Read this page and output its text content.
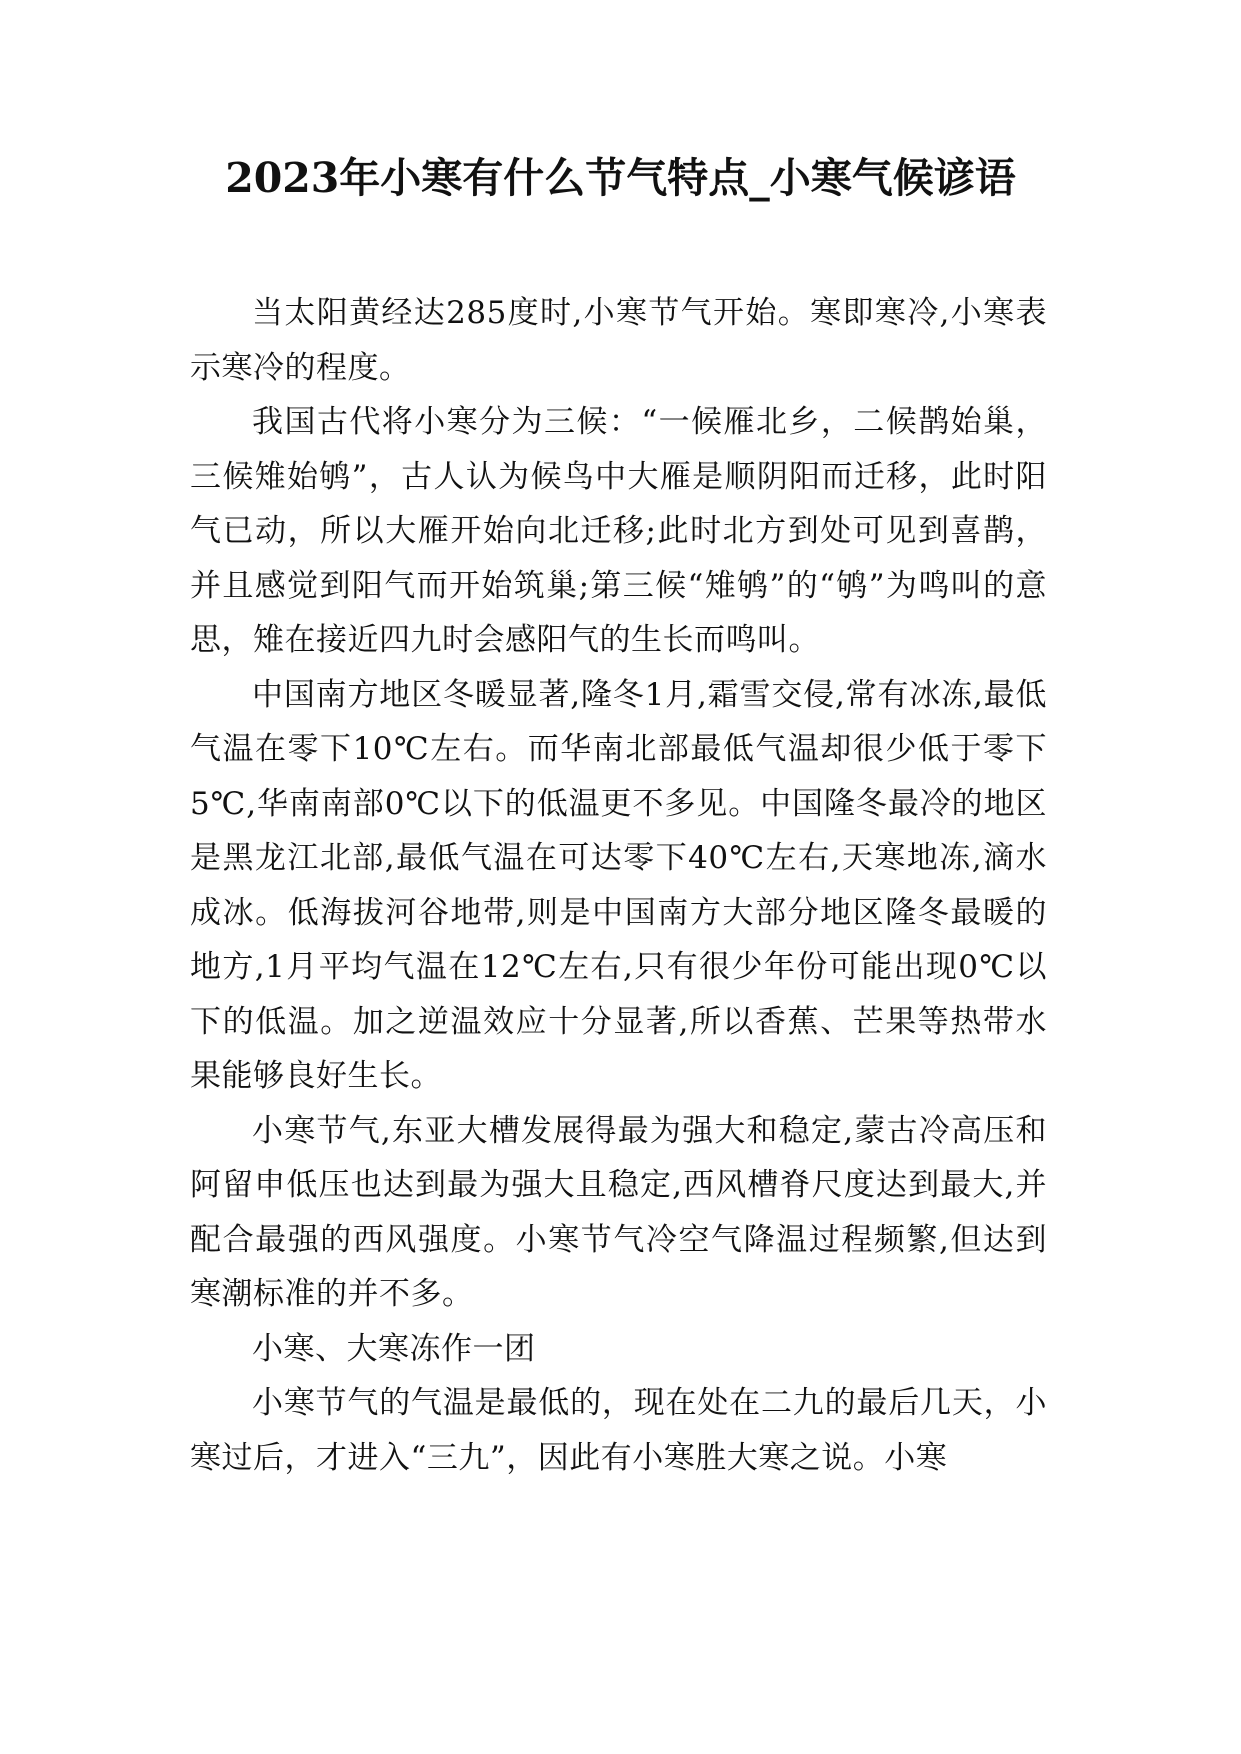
2023年小寒有什么节气特点_小寒气候谚语

当太阳黄经达285度时,小寒节气开始。寒即寒冷,小寒表示寒冷的程度。

我国古代将小寒分为三候：“一候雁北乡，二候鹊始巢，三候雉始鸲”，古人认为候鸟中大雁是顺阴阳而迁移，此时阳气已动，所以大雁开始向北迁移;此时北方到处可见到喜鹊，并且感觉到阳气而开始筑巢;第三候“雉鸲”的“鸲”为鸣叫的意思，雉在接近四九时会感阳气的生长而鸣叫。

中国南方地区冬暖显著,隆冬1月,霜雪交侵,常有冰冻,最低气温在零下10℃左右。而华南北部最低气温却很少低于零下5℃,华南南部0℃以下的低温更不多见。中国隆冬最冷的地区是黑龙江北部,最低气温在可达零下40℃左右,天寒地冻,滴水成冰。低海拔河谷地带,则是中国南方大部分地区隆冬最暖的地方,1月平均气温在12℃左右,只有很少年份可能出现0℃以下的低温。加之逆温效应十分显著,所以香蕉、芒果等热带水果能够良好生长。

小寒节气,东亚大槽发展得最为强大和稳定,蒙古冷高压和阿留申低压也达到最为强大且稳定,西风槽脊尺度达到最大,并配合最强的西风强度。小寒节气冷空气降温过程频繁,但达到寒潮标准的并不多。

小寒、大寒冻作一团

小寒节气的气温是最低的，现在处在二九的最后几天，小寒过后，才进入“三九”，因此有小寒胜大寒之说。小寒
